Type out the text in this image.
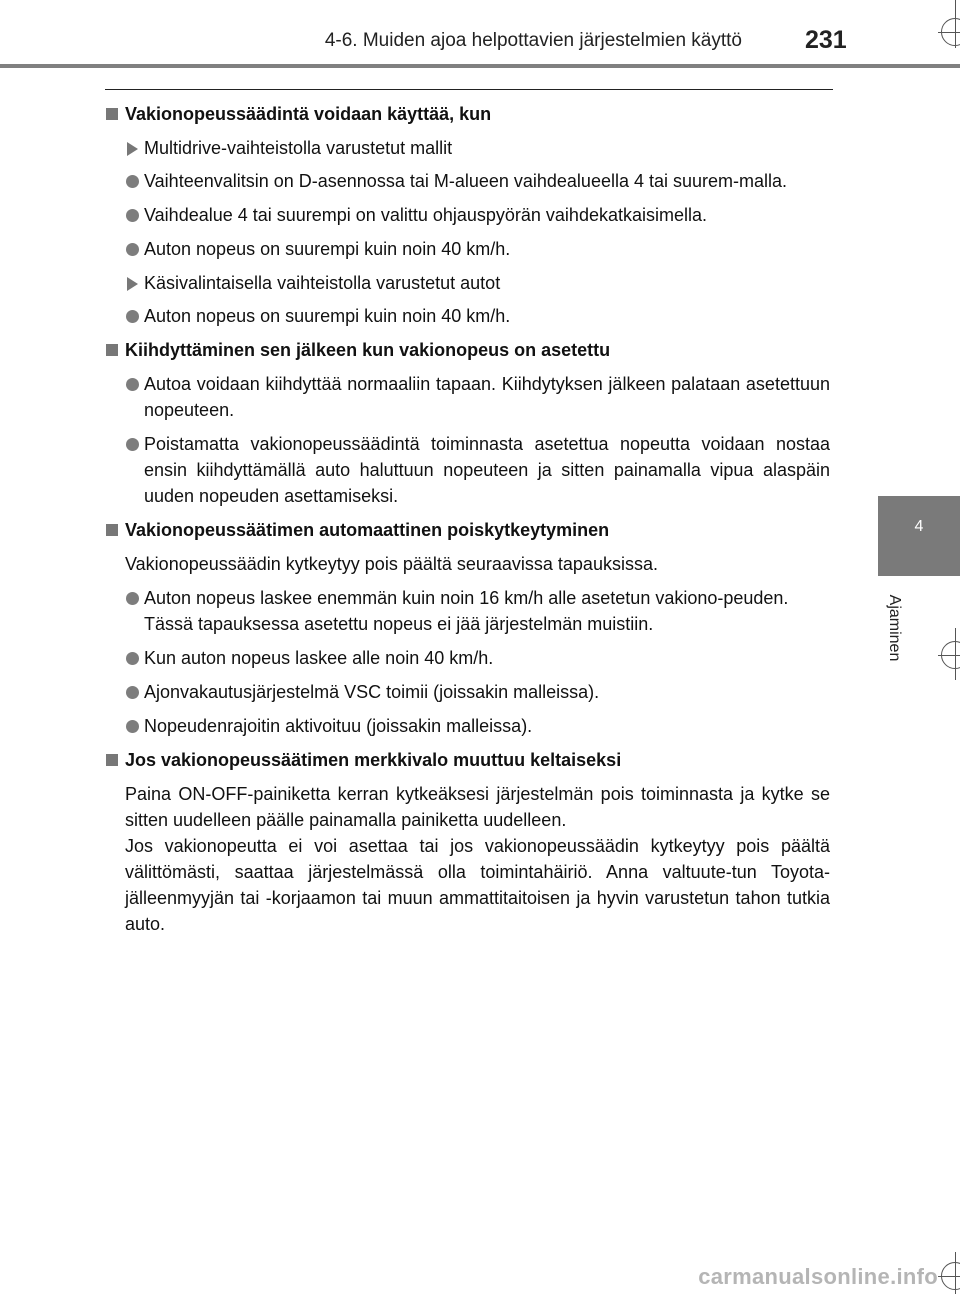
4-6. Muiden ajoa helpottavien järjestelmien käyttö	231
4
Ajaminen
Vakionopeussäädintä voidaan käyttää, kun
Multidrive-vaihteistolla varustetut mallit
Vaihteenvalitsin on D-asennossa tai M-alueen vaihdealueella 4 tai suurem-malla.
Vaihdealue 4 tai suurempi on valittu ohjauspyörän vaihdekatkaisimella.
Auton nopeus on suurempi kuin noin 40 km/h.
Käsivalintaisella vaihteistolla varustetut autot
Auton nopeus on suurempi kuin noin 40 km/h.
Kiihdyttäminen sen jälkeen kun vakionopeus on asetettu
Autoa voidaan kiihdyttää normaaliin tapaan. Kiihdytyksen jälkeen palataan asetettuun nopeuteen.
Poistamatta vakionopeussäädintä toiminnasta asetettua nopeutta voidaan nostaa ensin kiihdyttämällä auto haluttuun nopeuteen ja sitten painamalla vipua alaspäin uuden nopeuden asettamiseksi.
Vakionopeussäätimen automaattinen poiskytkeytyminen
Vakionopeussäädin kytkeytyy pois päältä seuraavissa tapauksissa.
Auton nopeus laskee enemmän kuin noin 16 km/h alle asetetun vakiono-peuden.
Tässä tapauksessa asetettu nopeus ei jää järjestelmän muistiin.
Kun auton nopeus laskee alle noin 40 km/h.
Ajonvakautusjärjestelmä VSC toimii (joissakin malleissa).
Nopeudenrajoitin aktivoituu (joissakin malleissa).
Jos vakionopeussäätimen merkkivalo muuttuu keltaiseksi
Paina ON-OFF-painiketta kerran kytkeäksesi järjestelmän pois toiminnasta ja kytke se sitten uudelleen päälle painamalla painiketta uudelleen.
Jos vakionopeutta ei voi asettaa tai jos vakionopeussäädin kytkeytyy pois päältä välittömästi, saattaa järjestelmässä olla toimintahäiriö. Anna valtuute-tun Toyota-jälleenmyyjän tai -korjaamon tai muun ammattitaitoisen ja hyvin varustetun tahon tutkia auto.
carmanualsonline.info
